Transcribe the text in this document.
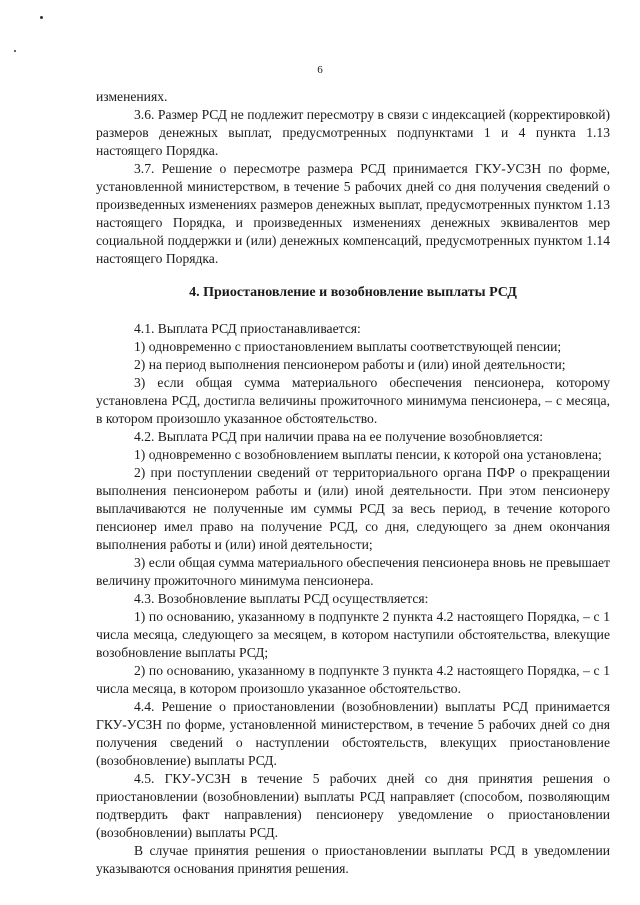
6

изменениях.

3.6. Размер РСД не подлежит пересмотру в связи с индексацией (корректировкой) размеров денежных выплат, предусмотренных подпунктами 1 и 4 пункта 1.13 настоящего Порядка.

3.7. Решение о пересмотре размера РСД принимается ГКУ-УСЗН по форме, установленной министерством, в течение 5 рабочих дней со дня получения сведений о произведенных изменениях размеров денежных выплат, предусмотренных пунктом 1.13 настоящего Порядка, и произведенных изменениях денежных эквивалентов мер социальной поддержки и (или) денежных компенсаций, предусмотренных пунктом 1.14 настоящего Порядка.

4. Приостановление и возобновление выплаты РСД

4.1. Выплата РСД приостанавливается:

1) одновременно с приостановлением выплаты соответствующей пенсии;

2) на период выполнения пенсионером работы и (или) иной деятельности;

3) если общая сумма материального обеспечения пенсионера, которому установлена РСД, достигла величины прожиточного минимума пенсионера, – с месяца, в котором произошло указанное обстоятельство.

4.2. Выплата РСД при наличии права на ее получение возобновляется:

1) одновременно с возобновлением выплаты пенсии, к которой она установлена;

2) при поступлении сведений от территориального органа ПФР о прекращении выполнения пенсионером работы и (или) иной деятельности. При этом пенсионеру выплачиваются не полученные им суммы РСД за весь период, в течение которого пенсионер имел право на получение РСД, со дня, следующего за днем окончания выполнения работы и (или) иной деятельности;

3) если общая сумма материального обеспечения пенсионера вновь не превышает величину прожиточного минимума пенсионера.

4.3. Возобновление выплаты РСД осуществляется:

1) по основанию, указанному в подпункте 2 пункта 4.2 настоящего Порядка, – с 1 числа месяца, следующего за месяцем, в котором наступили обстоятельства, влекущие возобновление выплаты РСД;

2) по основанию, указанному в подпункте 3 пункта 4.2 настоящего Порядка, – с 1 числа месяца, в котором произошло указанное обстоятельство.

4.4. Решение о приостановлении (возобновлении) выплаты РСД принимается ГКУ-УСЗН по форме, установленной министерством, в течение 5 рабочих дней со дня получения сведений о наступлении обстоятельств, влекущих приостановление (возобновление) выплаты РСД.

4.5. ГКУ-УСЗН в течение 5 рабочих дней со дня принятия решения о приостановлении (возобновлении) выплаты РСД направляет (способом, позволяющим подтвердить факт направления) пенсионеру уведомление о приостановлении (возобновлении) выплаты РСД.

В случае принятия решения о приостановлении выплаты РСД в уведомлении указываются основания принятия решения.
